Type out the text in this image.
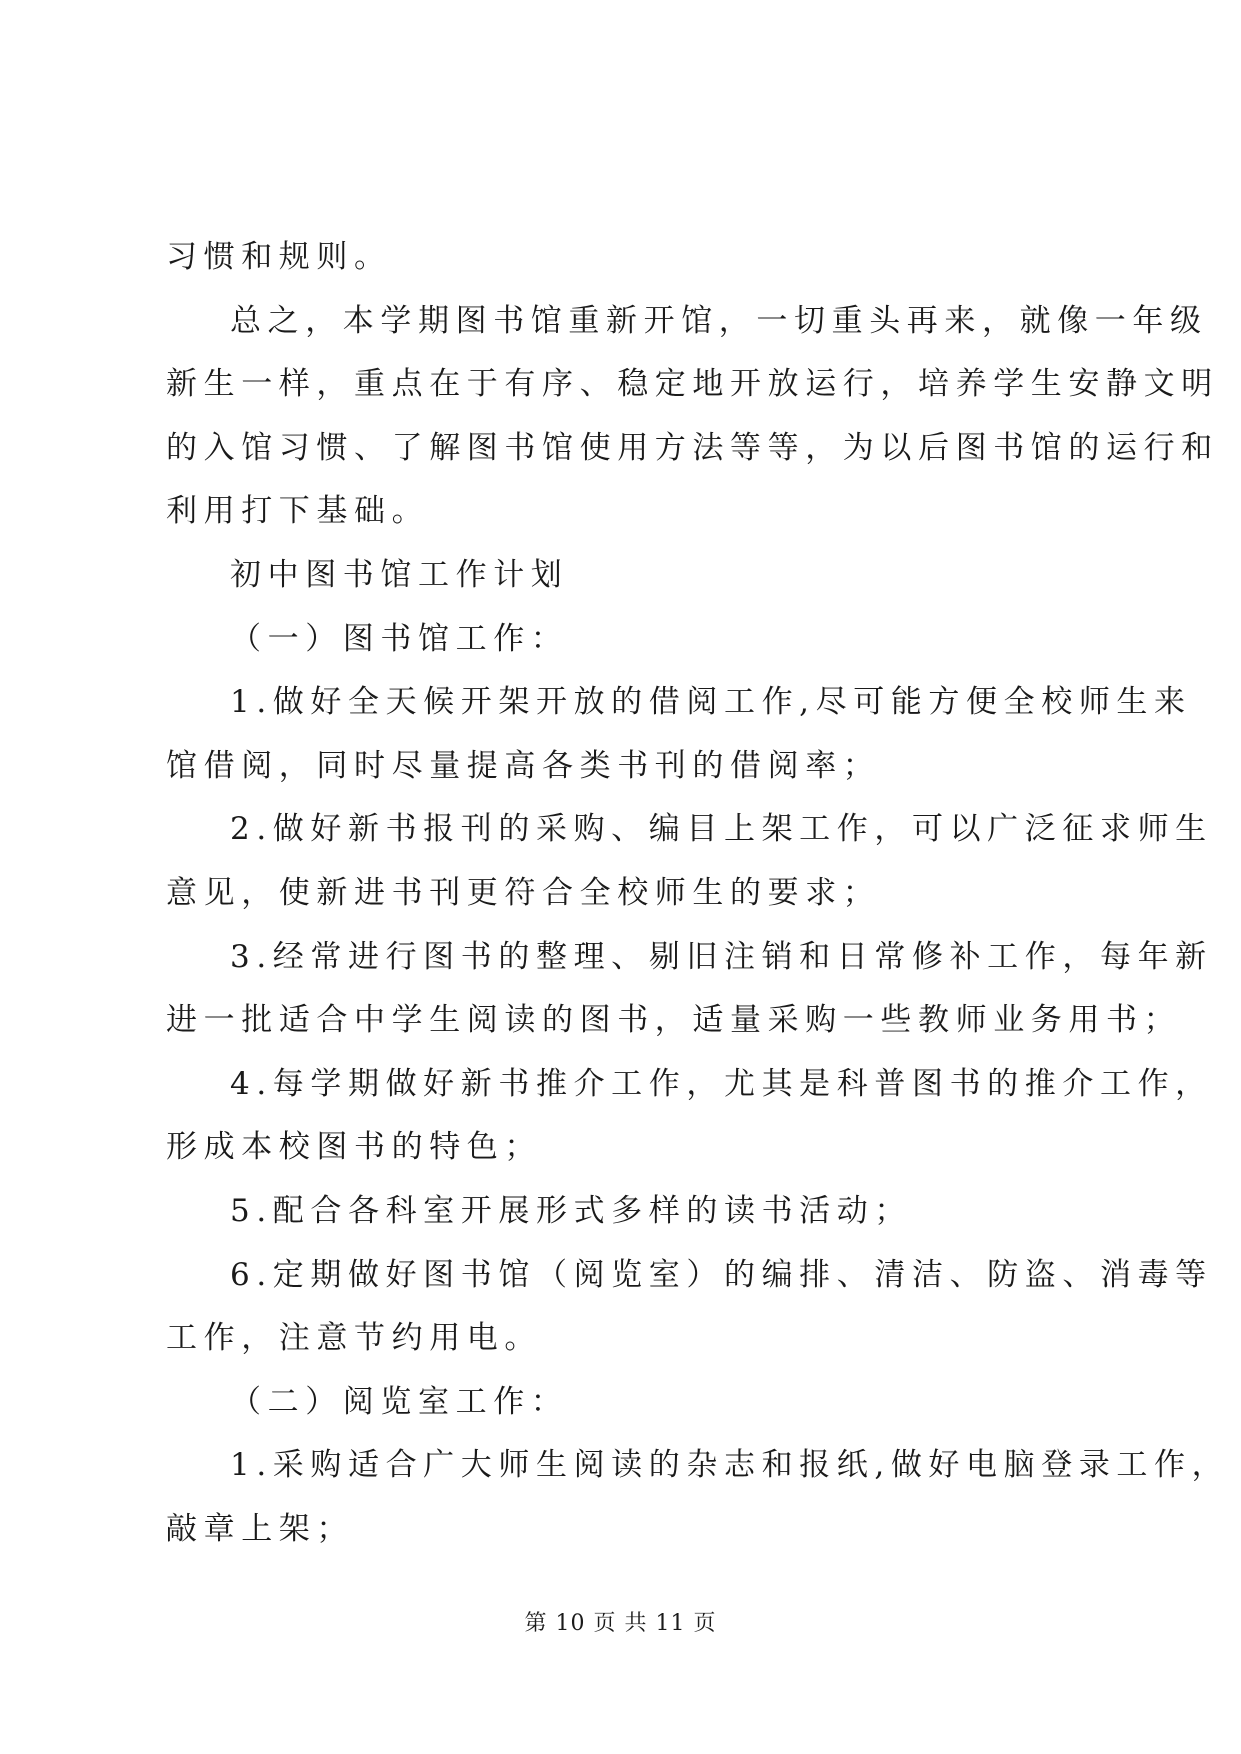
习惯和规则。
总之，本学期图书馆重新开馆，一切重头再来，就像一年级
新生一样，重点在于有序、稳定地开放运行，培养学生安静文明
的入馆习惯、了解图书馆使用方法等等，为以后图书馆的运行和
利用打下基础。
初中图书馆工作计划
（一）图书馆工作：
1.做好全天候开架开放的借阅工作,尽可能方便全校师生来
馆借阅，同时尽量提高各类书刊的借阅率；
2.做好新书报刊的采购、编目上架工作，可以广泛征求师生
意见，使新进书刊更符合全校师生的要求；
3.经常进行图书的整理、剔旧注销和日常修补工作，每年新
进一批适合中学生阅读的图书，适量采购一些教师业务用书；
4.每学期做好新书推介工作，尤其是科普图书的推介工作，
形成本校图书的特色；
5.配合各科室开展形式多样的读书活动；
6.定期做好图书馆（阅览室）的编排、清洁、防盗、消毒等
工作，注意节约用电。
（二）阅览室工作：
1.采购适合广大师生阅读的杂志和报纸,做好电脑登录工作，
敲章上架；
第 10 页 共 11 页
